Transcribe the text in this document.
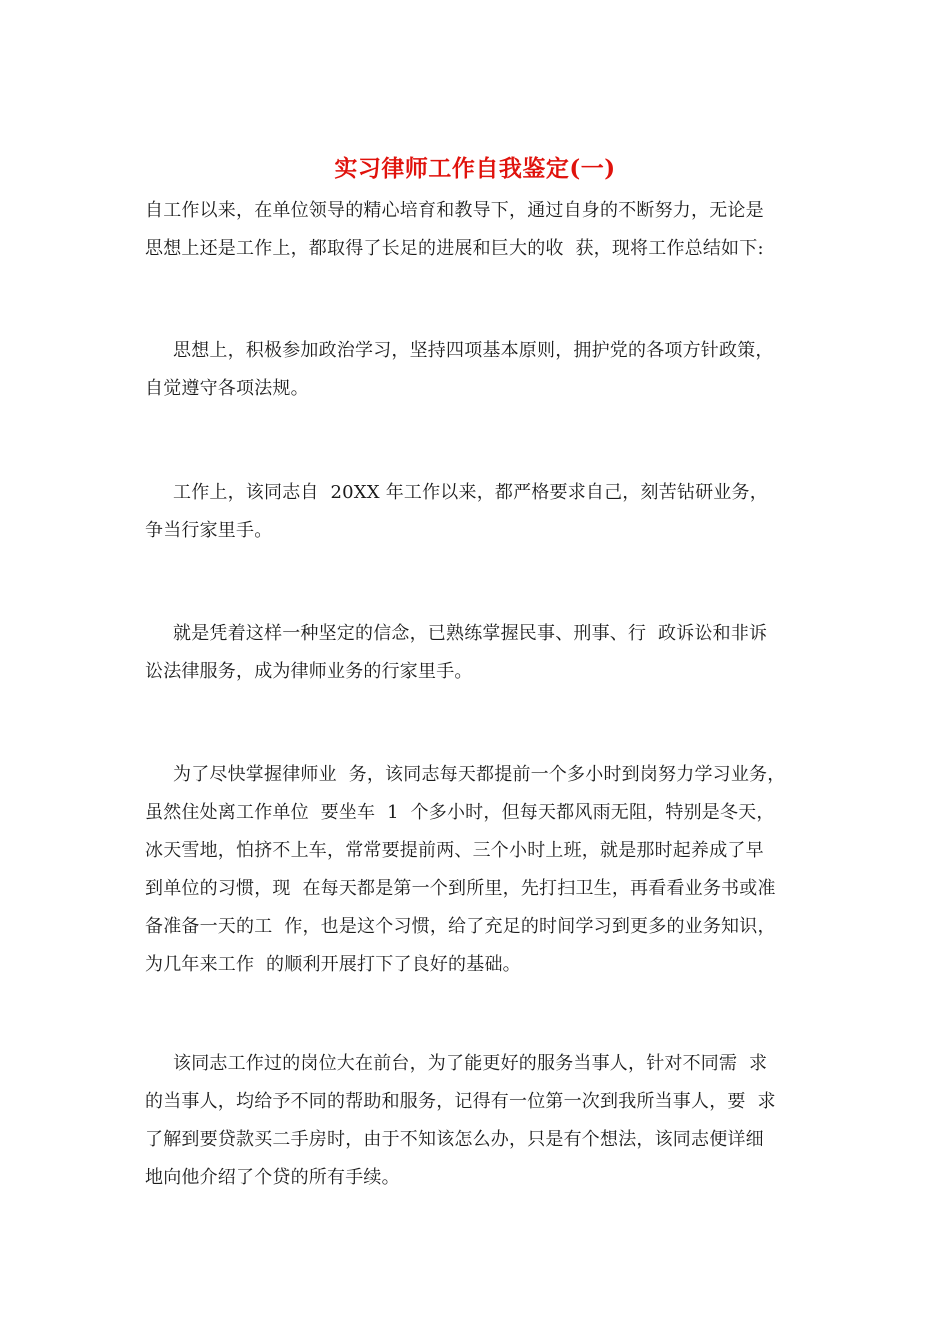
实习律师工作自我鉴定(一)
自工作以来，在单位领导的精心培育和教导下，通过自身的不断努力，无论是
思想上还是工作上，都取得了长足的进展和巨大的收  获，现将工作总结如下:
思想上，积极参加政治学习，坚持四项基本原则，拥护党的各项方针政策，
自觉遵守各项法规。
工作上，该同志自  20XX 年工作以来，都严格要求自己，刻苦钻研业务，
争当行家里手。
就是凭着这样一种坚定的信念，已熟练掌握民事、刑事、行  政诉讼和非诉
讼法律服务，成为律师业务的行家里手。
为了尽快掌握律师业  务，该同志每天都提前一个多小时到岗努力学习业务，
虽然住处离工作单位  要坐车  1  个多小时，但每天都风雨无阻，特别是冬天，
冰天雪地，怕挤不上车，常常要提前两、三个小时上班，就是那时起养成了早
到单位的习惯，现  在每天都是第一个到所里，先打扫卫生，再看看业务书或准
备准备一天的工  作，也是这个习惯，给了充足的时间学习到更多的业务知识，
为几年来工作  的顺利开展打下了良好的基础。
该同志工作过的岗位大在前台，为了能更好的服务当事人，针对不同需  求
的当事人，均给予不同的帮助和服务，记得有一位第一次到我所当事人，要  求
了解到要贷款买二手房时，由于不知该怎么办，只是有个想法，该同志便详细
地向他介绍了个贷的所有手续。
